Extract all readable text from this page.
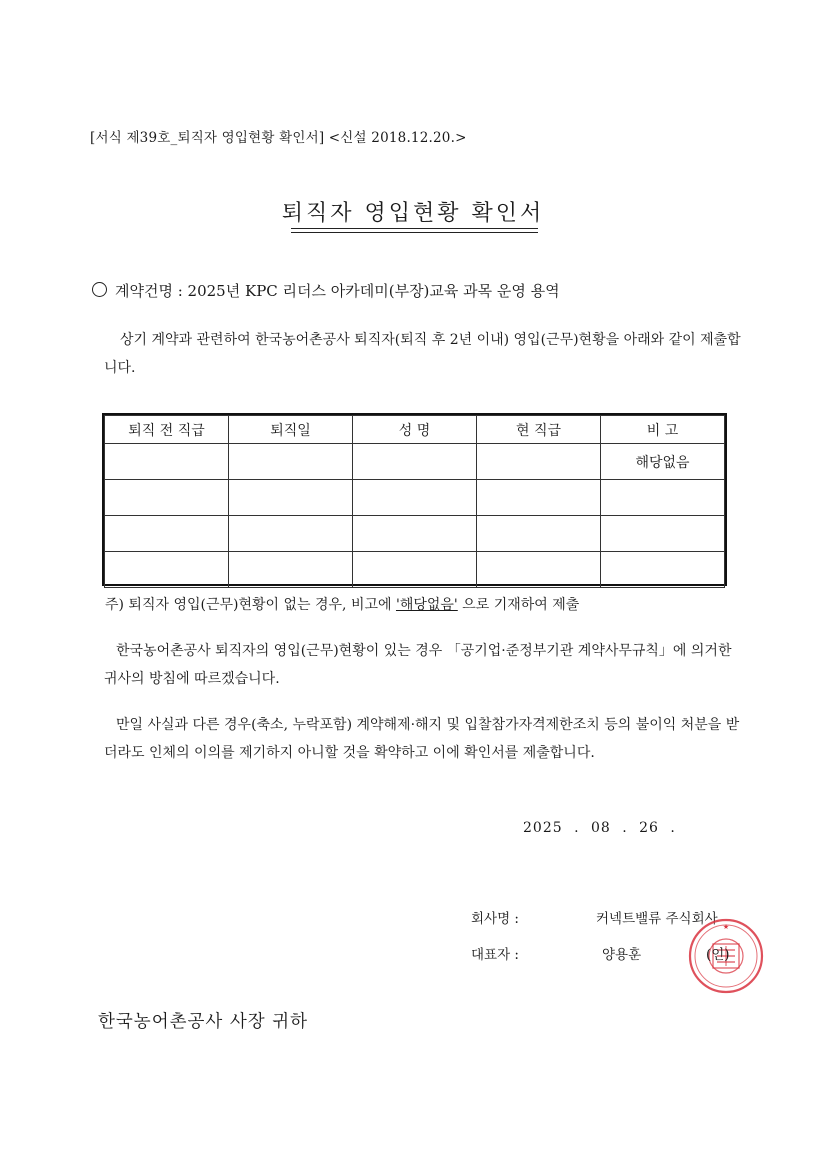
[서식 제39호_퇴직자 영입현황 확인서] <신설 2018.12.20.>
퇴직자 영입현황 확인서
계약건명 : 2025년 KPC 리더스 아카데미(부장)교육 과목 운영 용역
상기 계약과 관련하여 한국농어촌공사 퇴직자(퇴직 후 2년 이내) 영입(근무)현황을 아래와 같이 제출합니다.
퇴직 전 직급	퇴직일	성 명	현 직급	비 고
				해당없음

주) 퇴직자 영입(근무)현황이 없는 경우, 비고에 '해당없음' 으로 기재하여 제출
한국농어촌공사 퇴직자의 영입(근무)현황이 있는 경우 「공기업·준정부기관 계약사무규칙」에 의거한 귀사의 방침에 따르겠습니다.
만일 사실과 다른 경우(축소, 누락포함) 계약해제·해지 및 입찰참가자격제한조치 등의 불이익 처분을 받더라도 인체의 이의를 제기하지 아니할 것을 확약하고 이에 확인서를 제출합니다.
2025 . 08 . 26 .
회사명 :	커넥트밸류 주식회사
대표자 :	양용훈
★
(인)
한국농어촌공사 사장 귀하
